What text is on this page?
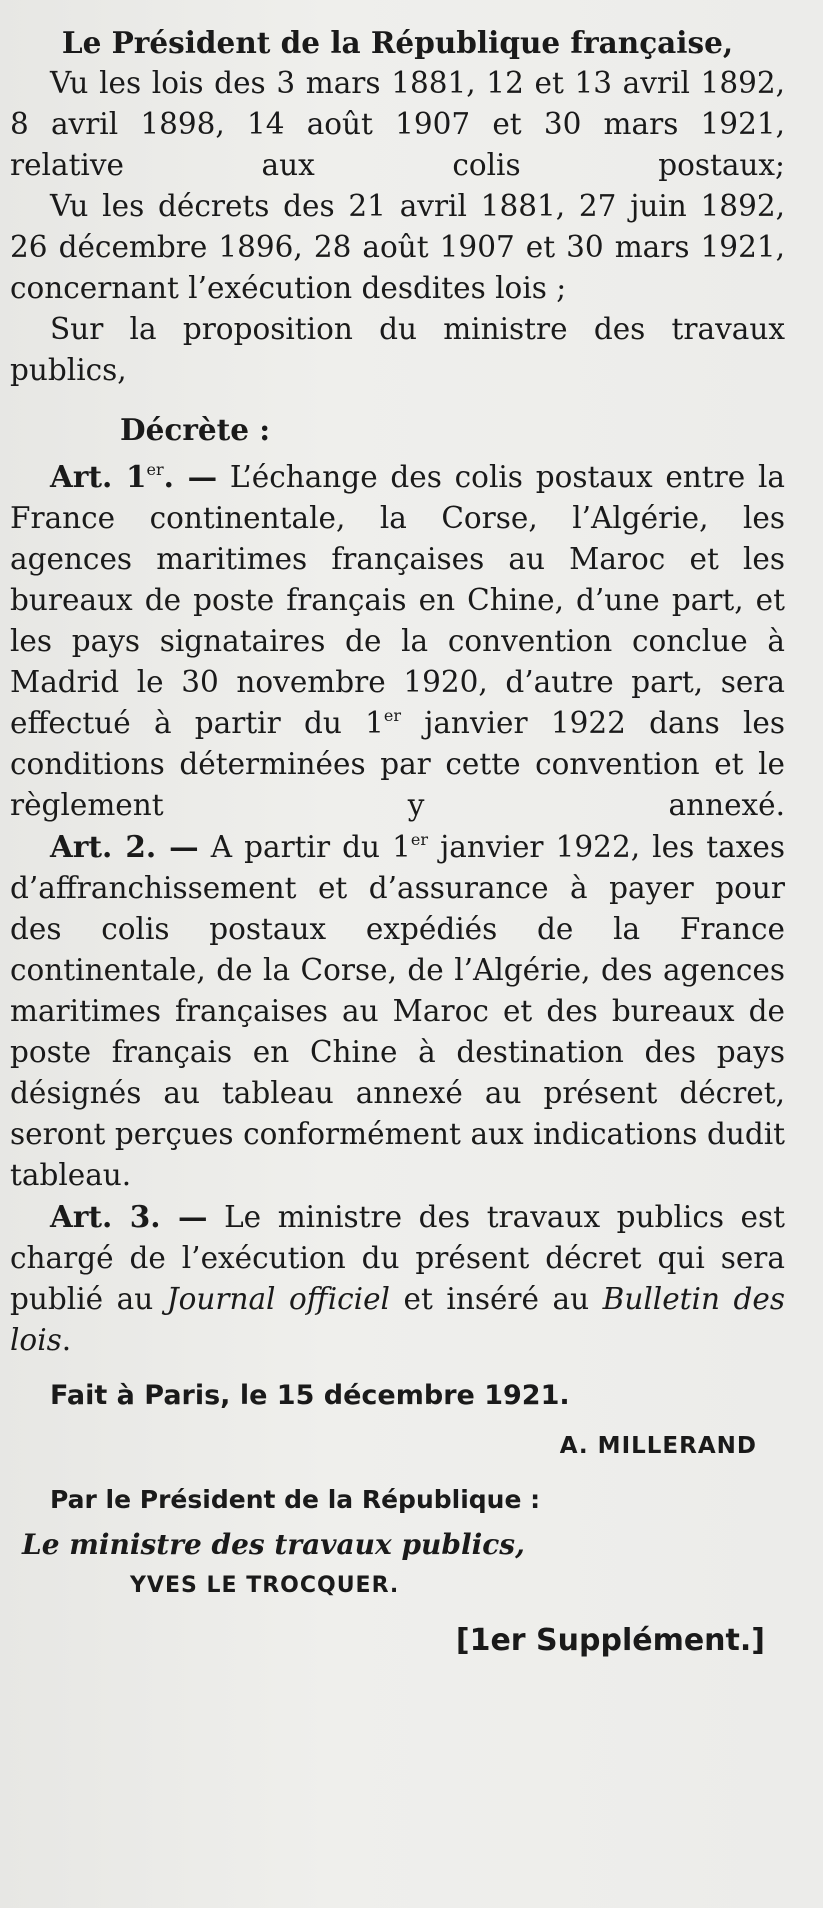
Le Président de la République française,
Vu les lois des 3 mars 1881, 12 et 13 avril 1892, 8 avril 1898, 14 août 1907 et 30 mars 1921, relative aux colis postaux;
Vu les décrets des 21 avril 1881, 27 juin 1892, 26 décembre 1896, 28 août 1907 et 30 mars 1921, concernant l’exécution desdites lois ;
Sur la proposition du ministre des travaux publics,
Décrète :
Art. 1er. — L’échange des colis postaux entre la France continentale, la Corse, l’Algérie, les agences maritimes françaises au Maroc et les bureaux de poste français en Chine, d’une part, et les pays signataires de la convention conclue à Madrid le 30 novembre 1920, d’autre part, sera effectué à partir du 1er janvier 1922 dans les conditions déterminées par cette convention et le règlement y annexé.
Art. 2. — A partir du 1er janvier 1922, les taxes d’affranchissement et d’assurance à payer pour des colis postaux expédiés de la France continentale, de la Corse, de l’Algérie, des agences maritimes françaises au Maroc et des bureaux de poste français en Chine à destination des pays désignés au tableau annexé au présent décret, seront perçues conformément aux indications dudit tableau.
Art. 3. — Le ministre des travaux publics est chargé de l’exécution du présent décret qui sera publié au Journal officiel et inséré au Bulletin des lois.
Fait à Paris, le 15 décembre 1921.
A. MILLERAND
Par le Président de la République :
Le ministre des travaux publics,
YVES LE TROCQUER.
[1er Supplément.]
